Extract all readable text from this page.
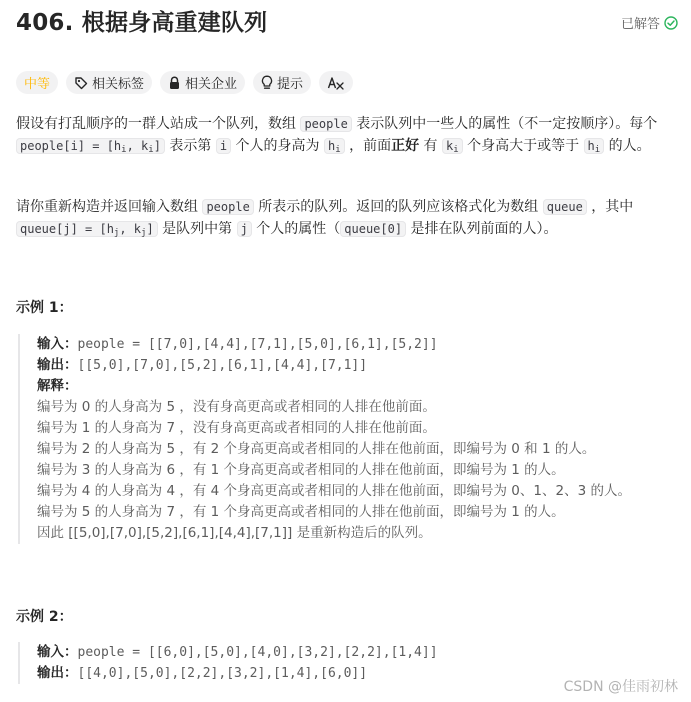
406. 根据身高重建队列	已解答
中等	相关标签	相关企业	提示
假设有打乱顺序的一群人站成一个队列，数组 people 表示队列中一些人的属性（不一定按顺序）。每个 people[i] = [$h_i$, $k_i$] 表示第 i 个人的身高为 $h_i$ ，前面正好 有 $k_i$ 个身高大于或等于 $h_i$ 的人。
请你重新构造并返回输入数组 people 所表示的队列。返回的队列应该格式化为数组 queue ，其中 queue[j] = [$h_j$, $k_j$] 是队列中第 j 个人的属性（ queue[0] 是排在队列前面的人）。
示例 1：
输入：people = [[7,0],[4,4],[7,1],[5,0],[6,1],[5,2]]
输出：[[5,0],[7,0],[5,2],[6,1],[4,4],[7,1]]
解释：
编号为 0 的人身高为 5 ，没有身高更高或者相同的人排在他前面。
编号为 1 的人身高为 7 ，没有身高更高或者相同的人排在他前面。
编号为 2 的人身高为 5 ，有 2 个身高更高或者相同的人排在他前面，即编号为 0 和 1 的人。
编号为 3 的人身高为 6 ，有 1 个身高更高或者相同的人排在他前面，即编号为 1 的人。
编号为 4 的人身高为 4 ，有 4 个身高更高或者相同的人排在他前面，即编号为 0、1、2、3 的人。
编号为 5 的人身高为 7 ，有 1 个身高更高或者相同的人排在他前面，即编号为 1 的人。
因此 [[5,0],[7,0],[5,2],[6,1],[4,4],[7,1]] 是重新构造后的队列。
示例 2：
输入：people = [[6,0],[5,0],[4,0],[3,2],[2,2],[1,4]]
输出：[[4,0],[5,0],[2,2],[3,2],[1,4],[6,0]]
CSDN @佳雨初林
